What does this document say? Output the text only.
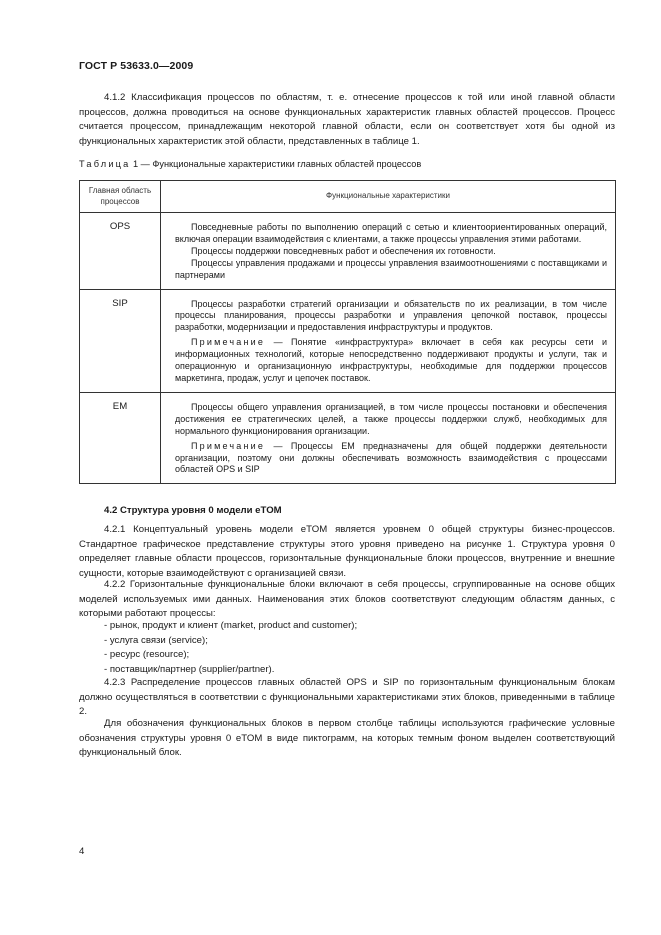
ГОСТ Р 53633.0—2009
4.1.2 Классификация процессов по областям, т. е. отнесение процессов к той или иной главной области процессов, должна проводиться на основе функциональных характеристик главных областей процессов. Процесс считается процессом, принадлежащим некоторой главной области, если он соответствует хотя бы одной из функциональных характеристик этой области, представленных в таблице 1.
Таблица 1 — Функциональные характеристики главных областей процессов
Главная область процессов	Функциональные характеристики
OPS	Повседневные работы по выполнению операций с сетью и клиентоориентированных операций, включая операции взаимодействия с клиентами, а также процессы управления этими работами.

Процессы поддержки повседневных работ и обеспечения их готовности.

Процессы управления продажами и процессы управления взаимоотношениями с поставщиками и партнерами

SIP	Процессы разработки стратегий организации и обязательств по их реализации, в том числе процессы планирования, процессы разработки и управления цепочкой поставок, процессы разработки, модернизации и предоставления инфраструктуры и продуктов.

Примечание — Понятие «инфраструктура» включает в себя как ресурсы сети и информационных технологий, которые непосредственно поддерживают продукты и услуги, так и операционную и организационную инфраструктуры, необходимые для поддержки процессов маркетинга, продаж, услуг и цепочек поставок.

EM	Процессы общего управления организацией, в том числе процессы постановки и обеспечения достижения ее стратегических целей, а также процессы поддержки служб, необходимых для нормального функционирования организации.

Примечание — Процессы ЕМ предназначены для общей поддержки деятельности организации, поэтому они должны обеспечивать возможность взаимодействия с процессами областей OPS и SIP

4.2 Структура уровня 0 модели eTOM
4.2.1 Концептуальный уровень модели eTOM является уровнем 0 общей структуры бизнес-процессов. Стандартное графическое представление структуры этого уровня приведено на рисунке 1. Структура уровня 0 определяет главные области процессов, горизонтальные функциональные блоки процессов, внутренние и внешние сущности, которые взаимодействуют с организацией связи.
4.2.2 Горизонтальные функциональные блоки включают в себя процессы, сгруппированные на основе общих моделей используемых ими данных. Наименования этих блоков соответствуют следующим областям данных, с которыми работают процессы:
- рынок, продукт и клиент (market, product and customer);
- услуга связи (service);
- ресурс (resource);
- поставщик/партнер (supplier/partner).
4.2.3 Распределение процессов главных областей OPS и SIP по горизонтальным функциональным блокам должно осуществляться в соответствии с функциональными характеристиками этих блоков, приведенными в таблице 2.
Для обозначения функциональных блоков в первом столбце таблицы используются графические условные обозначения структуры уровня 0 eTOM в виде пиктограмм, на которых темным фоном выделен соответствующий функциональный блок.
4
